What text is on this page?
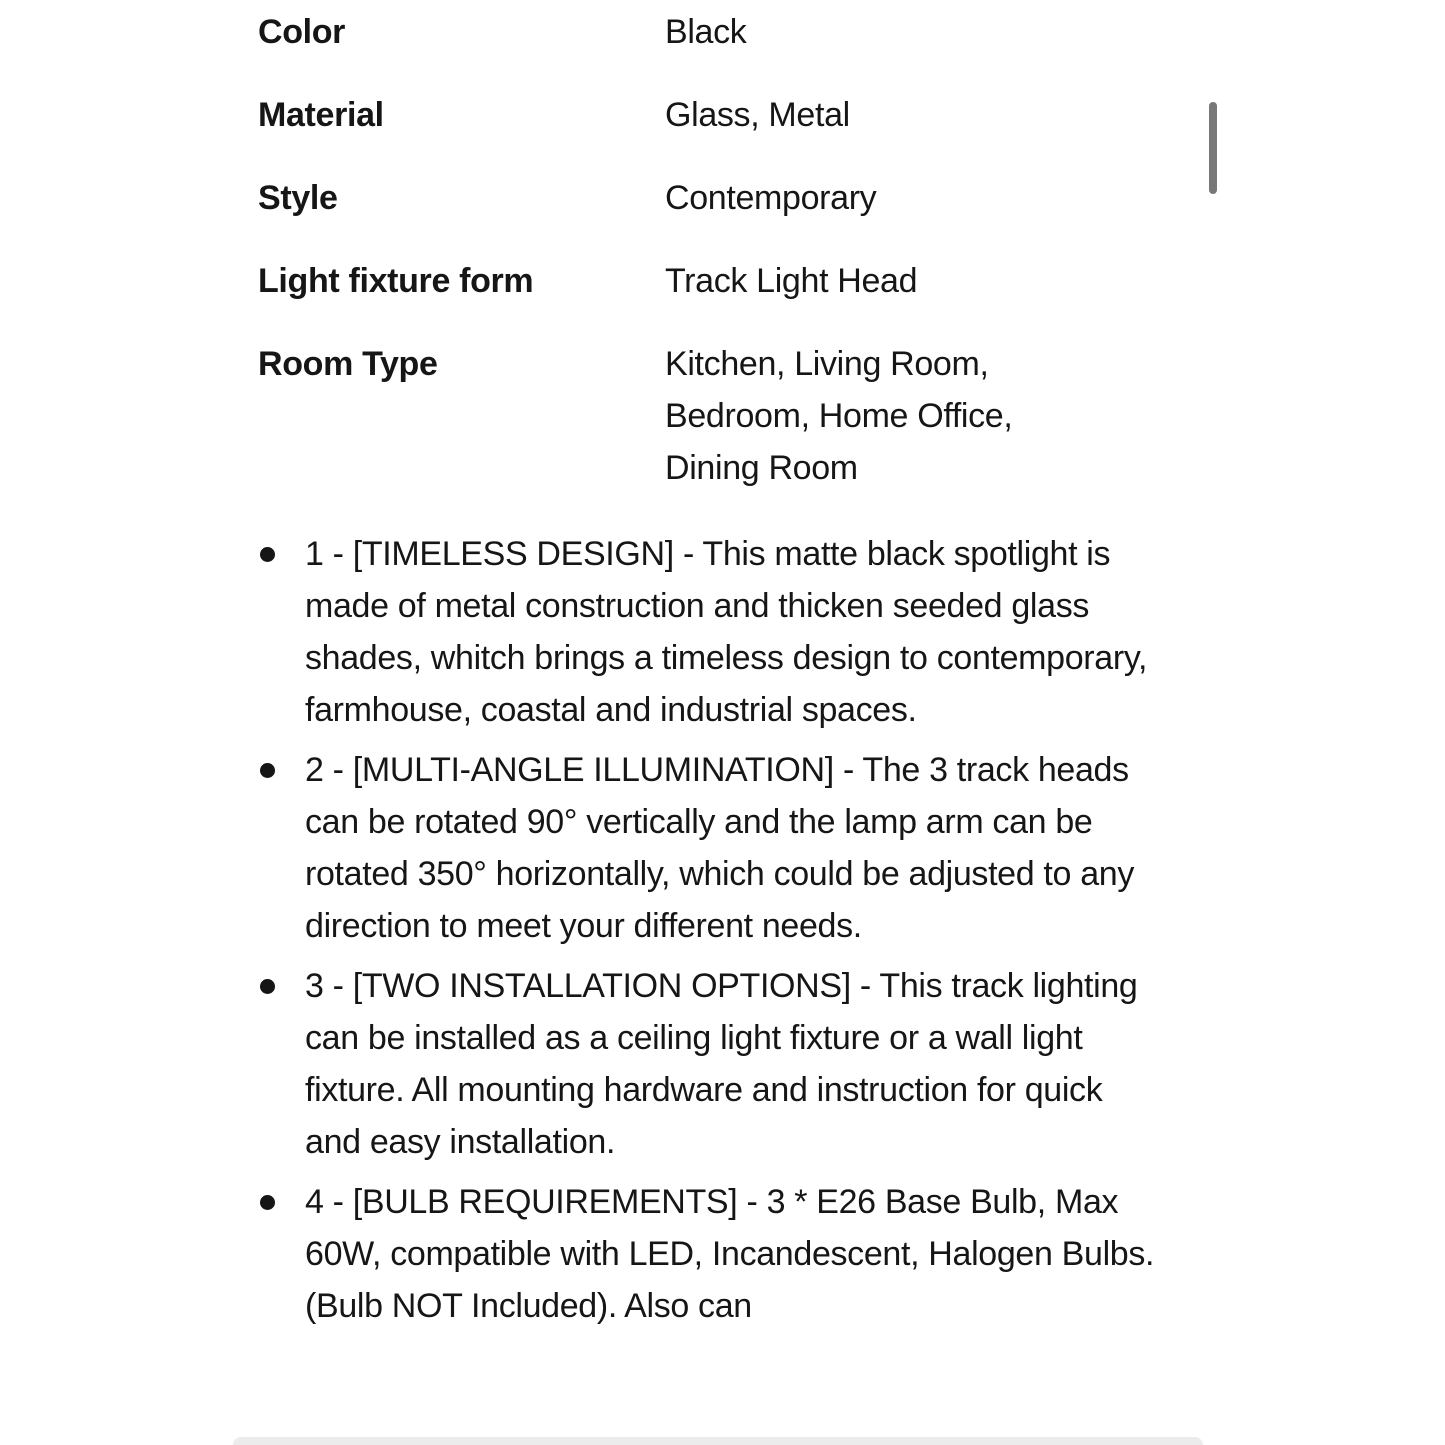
Color	Black
Material	Glass, Metal
Style	Contemporary
Light fixture form	Track Light Head
Room Type	Kitchen, Living Room, Bedroom, Home Office, Dining Room
1 - [TIMELESS DESIGN] - This matte black spotlight is made of metal construction and thicken seeded glass shades, whitch brings a timeless design to contemporary, farmhouse, coastal and industrial spaces.
2 - [MULTI-ANGLE ILLUMINATION] - The 3 track heads can be rotated 90° vertically and the lamp arm can be rotated 350° horizontally, which could be adjusted to any direction to meet your different needs.
3 - [TWO INSTALLATION OPTIONS] - This track lighting can be installed as a ceiling light fixture or a wall light fixture. All mounting hardware and instruction for quick and easy installation.
4 - [BULB REQUIREMENTS] - 3 * E26 Base Bulb, Max 60W, compatible with LED, Incandescent, Halogen Bulbs. (Bulb NOT Included). Also can
